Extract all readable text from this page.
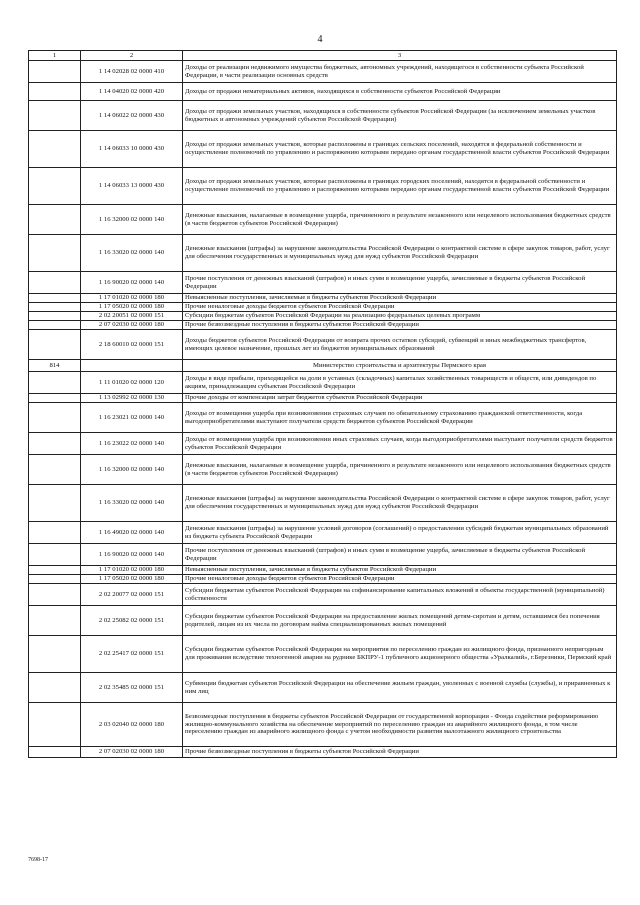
4
1	2	3
	1 14 02028 02 0000 410	Доходы от реализации недвижимого имущества бюджетных, автономных учреждений, находящегося в собственности субъекта Российской Федерации, в части реализации основных средств
	1 14 04020 02 0000 420	Доходы от продажи нематериальных активов, находящихся в собственности субъектов Российской Федерации
	1 14 06022 02 0000 430	Доходы от продажи земельных участков, находящихся в собственности субъектов Российской Федерации (за исключением земельных участков бюджетных и автономных учреждений субъектов Российской Федерации)
	1 14 06033 10 0000 430	Доходы от продажи земельных участков, которые расположены в границах сельских поселений, находятся в федеральной собственности и осуществление полномочий по управлению и распоряжению которыми передано органам государственной власти субъектов Российской Федерации
	1 14 06033 13 0000 430	Доходы от продажи земельных участков, которые расположены в границах городских поселений, находятся в федеральной собственности и осуществление полномочий по управлению и распоряжению которыми передано органам государственной власти субъектов Российской Федерации
	1 16 32000 02 0000 140	Денежные взыскания, налагаемые в возмещение ущерба, причиненного в результате незаконного или нецелевого использования бюджетных средств (в части бюджетов субъектов Российской Федерации)
	1 16 33020 02 0000 140	Денежные взыскания (штрафы) за нарушение законодательства Российской Федерации о контрактной системе в сфере закупок товаров, работ, услуг для обеспечения государственных и муниципальных нужд для нужд субъектов Российской Федерации
	1 16 90020 02 0000 140	Прочие поступления от денежных взысканий (штрафов) и иных сумм в возмещение ущерба, зачисляемые в бюджеты субъектов Российской Федерации
	1 17 01020 02 0000 180	Невыясненные поступления, зачисляемые в бюджеты субъектов Российской Федерации
	1 17 05020 02 0000 180	Прочие неналоговые доходы бюджетов субъектов Российской Федерации
	2 02 20051 02 0000 151	Субсидии бюджетам субъектов Российской Федерации на реализацию федеральных целевых программ
	2 07 02030 02 0000 180	Прочие безвозмездные поступления в бюджеты субъектов Российской Федерации
	2 18 60010 02 0000 151	Доходы бюджетов субъектов Российской Федерации от возврата прочих остатков субсидий, субвенций и иных межбюджетных трансфертов, имеющих целевое назначение, прошлых лет из бюджетов муниципальных образований
814		Министерство строительства и архитектуры Пермского края
	1 11 01020 02 0000 120	Доходы в виде прибыли, приходящейся на доли в уставных (складочных) капиталах хозяйственных товариществ и обществ, или дивидендов по акциям, принадлежащим субъектам Российской Федерации
	1 13 02992 02 0000 130	Прочие доходы от компенсации затрат бюджетов субъектов Российской Федерации
	1 16 23021 02 0000 140	Доходы от возмещения ущерба при возникновении страховых случаев по обязательному страхованию гражданской ответственности, когда выгодоприобретателями выступают получатели средств бюджетов субъектов Российской Федерации
	1 16 23022 02 0000 140	Доходы от возмещения ущерба при возникновении иных страховых случаев, когда выгодоприобретателями выступают получатели средств бюджетов субъектов Российской Федерации
	1 16 32000 02 0000 140	Денежные взыскания, налагаемые в возмещение ущерба, причиненного в результате незаконного или нецелевого использования бюджетных средств (в части бюджетов субъектов Российской Федерации)
	1 16 33020 02 0000 140	Денежные взыскания (штрафы) за нарушение законодательства Российской Федерации о контрактной системе в сфере закупок товаров, работ, услуг для обеспечения государственных и муниципальных нужд для нужд субъектов Российской Федерации
	1 16 49020 02 0000 140	Денежные взыскания (штрафы) за нарушение условий договоров (соглашений) о предоставлении субсидий бюджетам муниципальных образований из бюджета субъекта Российской Федерации
	1 16 90020 02 0000 140	Прочие поступления от денежных взысканий (штрафов) и иных сумм в возмещение ущерба, зачисляемые в бюджеты субъектов Российской Федерации
	1 17 01020 02 0000 180	Невыясненные поступления, зачисляемые в бюджеты субъектов Российской Федерации
	1 17 05020 02 0000 180	Прочие неналоговые доходы бюджетов субъектов Российской Федерации
	2 02 20077 02 0000 151	Субсидии бюджетам субъектов Российской Федерации на софинансирование капитальных вложений в объекты государственной (муниципальной) собственности
	2 02 25082 02 0000 151	Субсидии бюджетам субъектов Российской Федерации на предоставление жилых помещений детям-сиротам и детям, оставшимся без попечения родителей, лицам из их числа по договорам найма специализированных жилых помещений
	2 02 25417 02 0000 151	Субсидии бюджетам субъектов Российской Федерации на мероприятия по переселению граждан из жилищного фонда, признанного непригодным для проживания вследствие техногенной аварии на руднике БКПРУ-1 публичного акционерного общества «Уралкалий», г.Березники, Пермский край
	2 02 35485 02 0000 151	Субвенции бюджетам субъектов Российской Федерации на обеспечение жильем граждан, уволенных с военной службы (службы), и приравненных к ним лиц
	2 03 02040 02 0000 180	Безвозмездные поступления в бюджеты субъектов Российской Федерации от государственной корпорации - Фонда содействия реформированию жилищно-коммунального хозяйства на обеспечение мероприятий по переселению граждан из аварийного жилищного фонда, в том числе переселению граждан из аварийного жилищного фонда с учетом необходимости развития малоэтажного жилищного строительства
	2 07 02030 02 0000 180	Прочие безвозмездные поступления в бюджеты субъектов Российской Федерации
7698-17
